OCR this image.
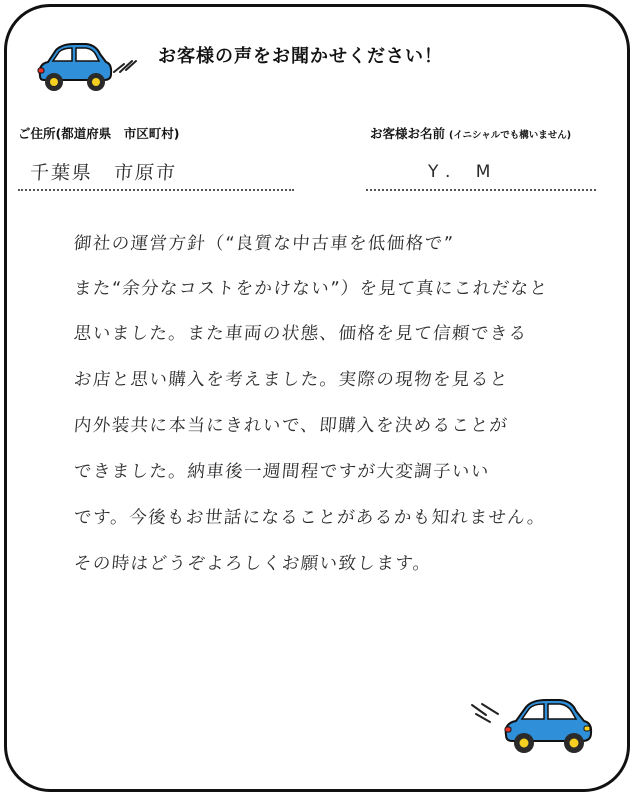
お客様の声をお聞かせください！
ご住所(都道府県　市区町村)	お客様お名前 (イニシャルでも構いません)
千葉県　市原市	Y. M
御社の運営方針（“良質な中古車を低価格で”
また“余分なコストをかけない”）を見て真にこれだなと
思いました。また車両の状態、価格を見て信頼できる
お店と思い購入を考えました。実際の現物を見ると
内外装共に本当にきれいで、即購入を決めることが
できました。納車後一週間程ですが大変調子いい
です。今後もお世話になることがあるかも知れません。
その時はどうぞよろしくお願い致します。
